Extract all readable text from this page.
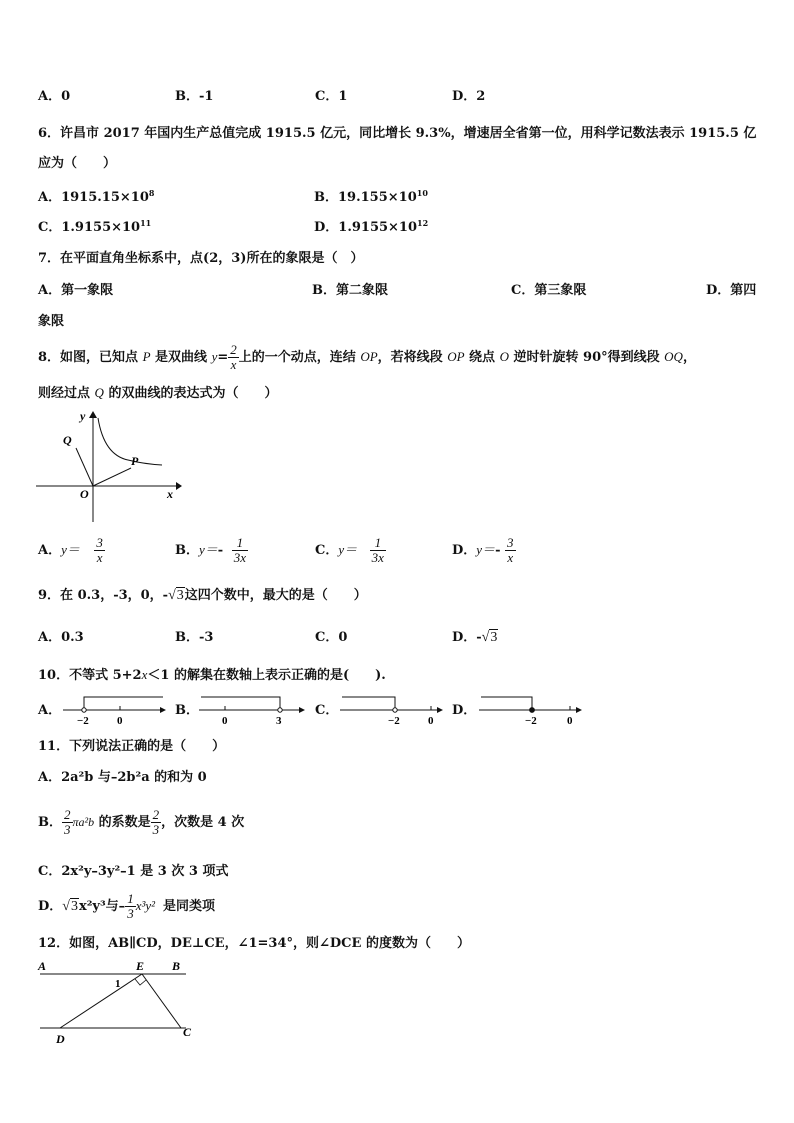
A．0	B．-1	C．1	D．2
6．许昌市 2017 年国内生产总值完成 1915.5 亿元，同比增长 9.3%，增速居全省第一位，用科学记数法表示 1915.5 亿
应为（　　）
A．$1915.15\times 10^8$	B．$19.155\times 10^{10}$
C．$1.9155\times 10^{11}$	D．$1.9155\times 10^{12}$
7．在平面直角坐标系中，点(2，3)所在的象限是（　）
A．第一象限	B．第二象限	C．第三象限	D．第四
象限
8．如图，已知点 P 是双曲线 $y= \frac{2}{x}$ 上的一个动点，连结 OP，若将线段 OP 绕点 O 逆时针旋转 90°得到线段 OQ，
则经过点 Q 的双曲线的表达式为（　　）
y
x
Q
P
O
A．$y= \frac{3}{x}$	B．$y=- \frac{1}{3x}$	C．$y= \frac{1}{3x}$	D．$y=- \frac{3}{x}$
9．在 0.3，-3，0，-√3这四个数中，最大的是（　　）
A．0.3	B．-3	C．0	D．-√3
10．不等式 5+2x＜1 的解集在数轴上表示正确的是(　　).
A．
−2	0
B．
0	3
C．
−2	0
D．
−2	0
11．下列说法正确的是（　　）
A．2a²b 与–2b²a 的和为 0
B． $\frac{2}{3} \pi a^2b$ 的系数是 $\frac{2}{3}$ ，次数是 4 次
C．2x²y–3y²–1 是 3 次 3 项式
D．√3x²y³与– $\frac{1}{3} x^3y^2$ 是同类项
12．如图，AB∥CD，DE⊥CE，∠1=34°，则∠DCE 的度数为（　　）
A	E B
1
D	C
